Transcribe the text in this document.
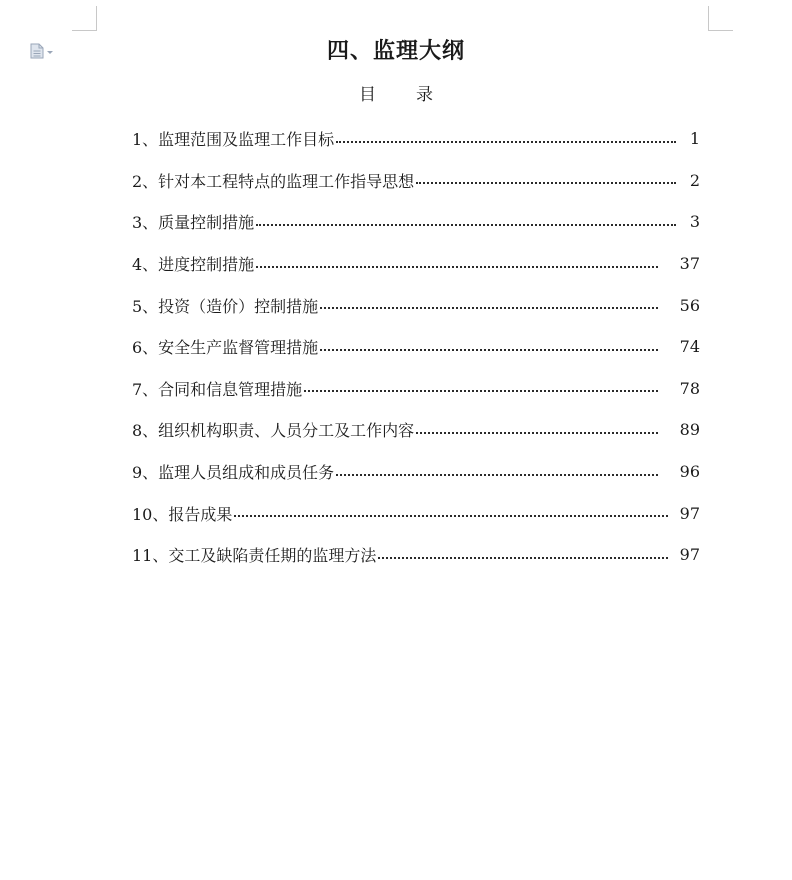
四、监理大纲
目 录
1、监理范围及监理工作目标	1
2、针对本工程特点的监理工作指导思想	2
3、质量控制措施	3
4、进度控制措施	37
5、投资（造价）控制措施	56
6、安全生产监督管理措施	74
7、合同和信息管理措施	78
8、组织机构职责、人员分工及工作内容	89
9、监理人员组成和成员任务	96
10、报告成果	97
11、交工及缺陷责任期的监理方法	97
